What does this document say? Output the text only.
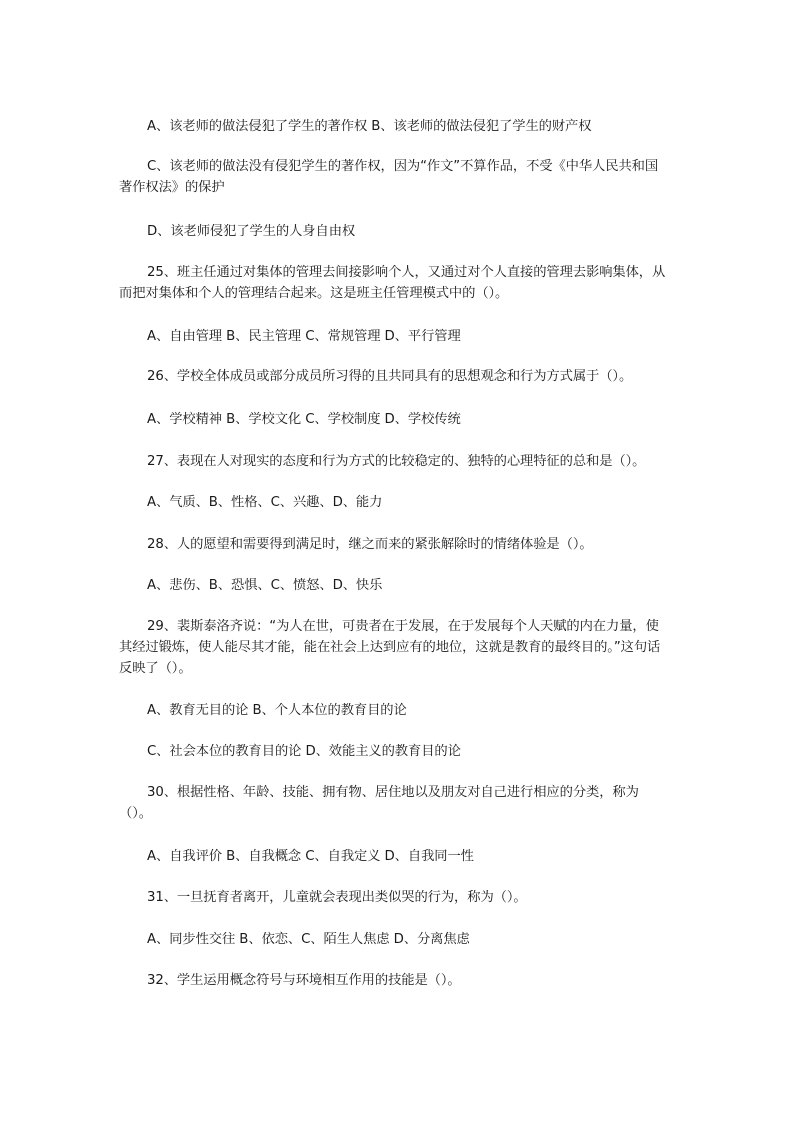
A、该老师的做法侵犯了学生的著作权 B、该老师的做法侵犯了学生的财产权

C、该老师的做法没有侵犯学生的著作权，因为“作文”不算作品，不受《中华人民共和国著作权法》的保护

D、该老师侵犯了学生的人身自由权

25、班主任通过对集体的管理去间接影响个人，又通过对个人直接的管理去影响集体，从而把对集体和个人的管理结合起来。这是班主任管理模式中的（）。

A、自由管理 B、民主管理 C、常规管理 D、平行管理

26、学校全体成员或部分成员所习得的且共同具有的思想观念和行为方式属于（）。

A、学校精神 B、学校文化 C、学校制度 D、学校传统

27、表现在人对现实的态度和行为方式的比较稳定的、独特的心理特征的总和是（）。

A、气质、B、性格、C、兴趣、D、能力

28、人的愿望和需要得到满足时，继之而来的紧张解除时的情绪体验是（）。

A、悲伤、B、恐惧、C、愤怒、D、快乐

29、裴斯泰洛齐说：“为人在世，可贵者在于发展，在于发展每个人天赋的内在力量，使其经过锻炼，使人能尽其才能，能在社会上达到应有的地位，这就是教育的最终目的。”这句话反映了（）。

A、教育无目的论 B、个人本位的教育目的论

C、社会本位的教育目的论 D、效能主义的教育目的论

30、根据性格、年龄、技能、拥有物、居住地以及朋友对自己进行相应的分类，称为（）。

A、自我评价 B、自我概念 C、自我定义 D、自我同一性

31、一旦抚育者离开，儿童就会表现出类似哭的行为，称为（）。

A、同步性交往 B、依恋、C、陌生人焦虑 D、分离焦虑

32、学生运用概念符号与环境相互作用的技能是（）。
